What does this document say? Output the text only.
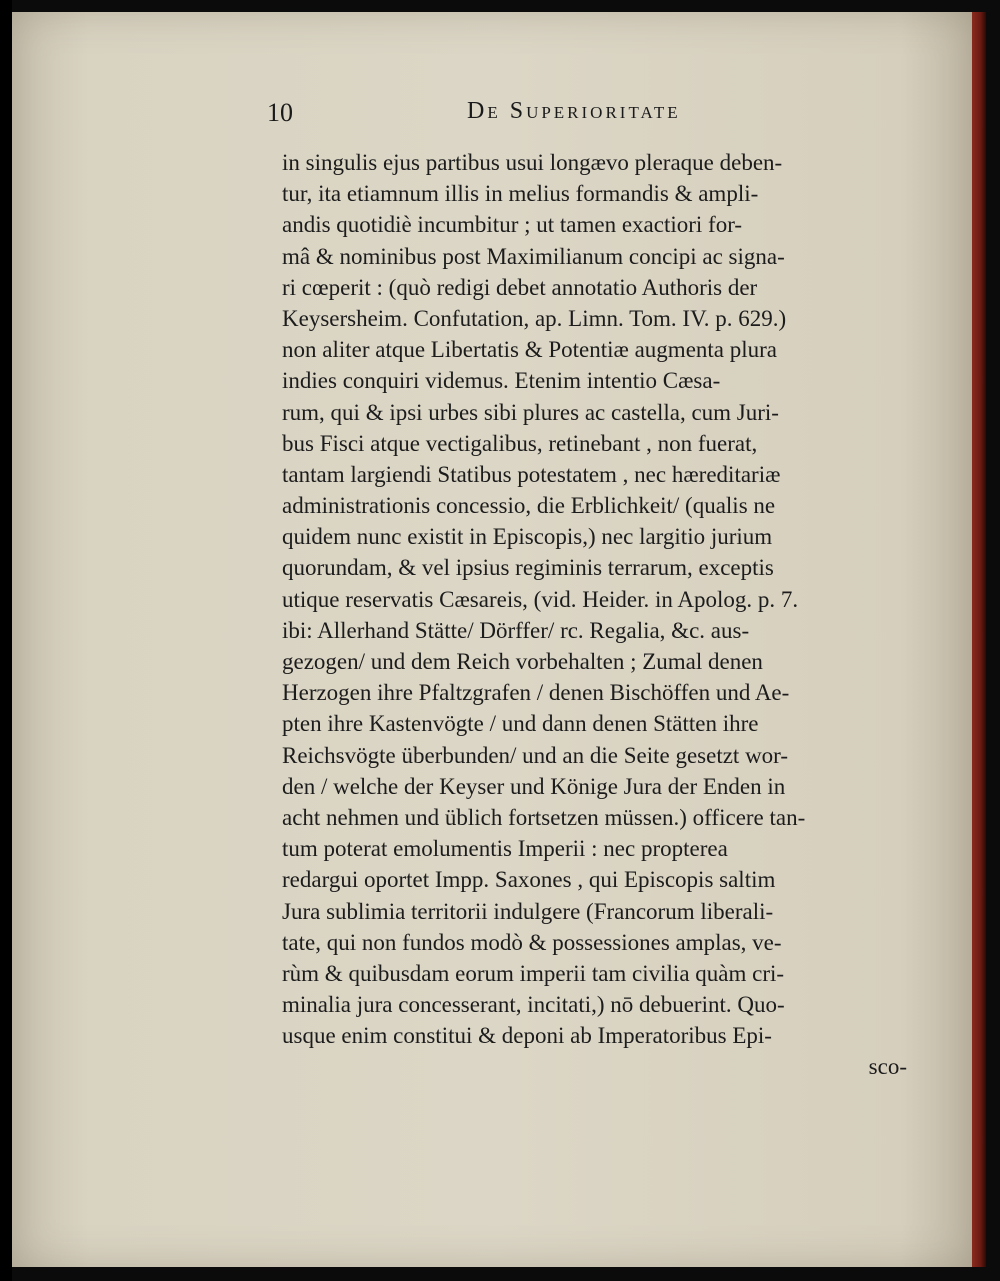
10	De Superioritate
in singulis ejus partibus usui longævo pleraque deben-
tur, ita etiamnum illis in melius formandis & ampli-
andis quotidiè incumbitur ; ut tamen exactiori for-
mâ & nominibus post Maximilianum concipi ac signa-
ri cœperit : (quò redigi debet annotatio Authoris der
Keysersheim. Confutation, ap. Limn. Tom. IV. p. 629.)
non aliter atque Libertatis & Potentiæ augmenta plura
indies conquiri videmus. Etenim intentio Cæsa-
rum, qui & ipsi urbes sibi plures ac castella, cum Juri-
bus Fisci atque vectigalibus, retinebant , non fuerat,
tantam largiendi Statibus potestatem , nec hæreditariæ
administrationis concessio, die Erblichkeit/ (qualis ne
quidem nunc existit in Episcopis,) nec largitio jurium
quorundam, & vel ipsius regiminis terrarum, exceptis
utique reservatis Cæsareis, (vid. Heider. in Apolog. p. 7.
ibi: Allerhand Stätte/ Dörffer/ rc. Regalia, &c. aus-
gezogen/ und dem Reich vorbehalten ; Zumal denen
Herzogen ihre Pfaltzgrafen / denen Bischöffen und Ae-
pten ihre Kastenvögte / und dann denen Stätten ihre
Reichsvögte überbunden/ und an die Seite gesetzt wor-
den / welche der Keyser und Könige Jura der Enden in
acht nehmen und üblich fortsetzen müssen.) officere tan-
tum poterat emolumentis Imperii : nec propterea
redargui oportet Impp. Saxones , qui Episcopis saltim
Jura sublimia territorii indulgere (Francorum liberali-
tate, qui non fundos modò & possessiones amplas, ve-
rùm & quibusdam eorum imperii tam civilia quàm cri-
minalia jura concesserant, incitati,) nō debuerint. Quo-
usque enim constitui & deponi ab Imperatoribus Epi-
sco-
